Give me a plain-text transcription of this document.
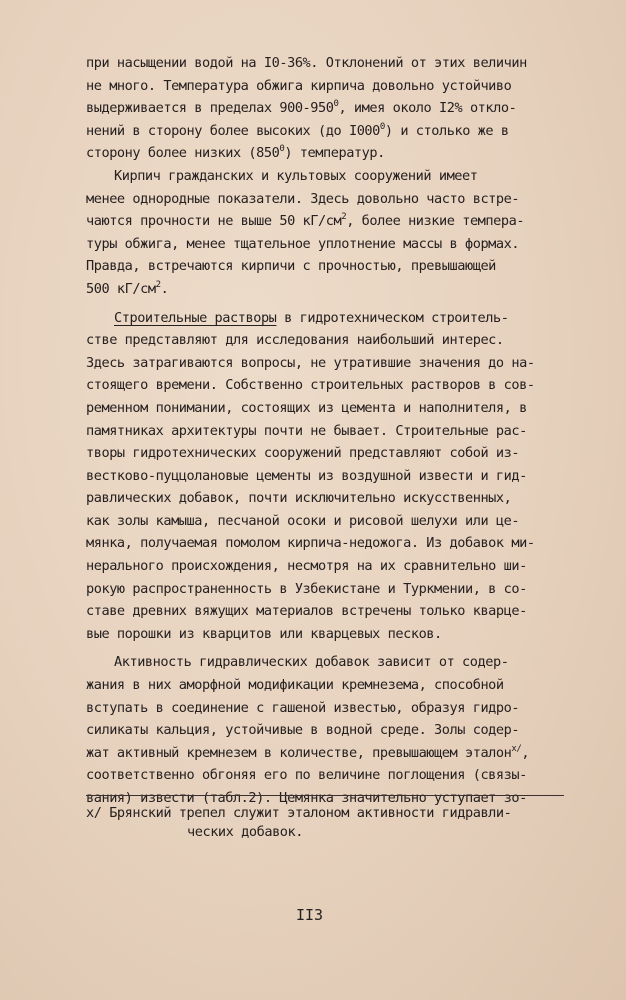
при насыщении водой на I0-36%. Отклонений от этих величин
не много. Температура обжига кирпича довольно устойчиво
выдерживается в пределах $900-950^0$, имея около I2% откло-
нений в сторону более высоких (до $I000^0$) и столько же в
сторону более низких $(850^0)$ температур.
Кирпич гражданских и культовых сооружений имеет
менее однородные показатели. Здесь довольно часто встре-
чаются прочности не выше 50 $кГ/см^2$, более низкие темпера-
туры обжига, менее тщательное уплотнение массы в формах.
Правда, встречаются кирпичи с прочностью, превышающей
500 $кГ/см^2$.
Строительные растворы в гидротехническом строитель-
стве представляют для исследования наибольший интерес.
Здесь затрагиваются вопросы, не утратившие значения до на-
стоящего времени. Собственно строительных растворов в сов-
ременном понимании, состоящих из цемента и наполнителя, в
памятниках архитектуры почти не бывает. Строительные рас-
творы гидротехнических сооружений представляют собой из-
вестково-пуццолановые цементы из воздушной извести и гид-
равлических добавок, почти исключительно искусственных,
как золы камыша, песчаной осоки и рисовой шелухи или це-
мянка, получаемая помолом кирпича-недожога. Из добавок ми-
нерального происхождения, несмотря на их сравнительно ши-
рокую распространенность в Узбекистане и Туркмении, в со-
ставе древних вяжущих материалов встречены только кварце-
вые порошки из кварцитов или кварцевых песков.
Активность гидравлических добавок зависит от содер-
жания в них аморфной модификации кремнезема, способной
вступать в соединение с гашеной известью, образуя гидро-
силикаты кальция, устойчивые в водной среде. Золы содер-
жат активный кремнезем в количестве, превышающем эталон$^{х/}$,
соответственно обгоняя его по величине поглощения (связы-
вания) извести (табл.2). Цемянка значительно уступает зо-
х/ Брянский трепел служит эталоном активности гидравли-
ческих добавок.
II3
